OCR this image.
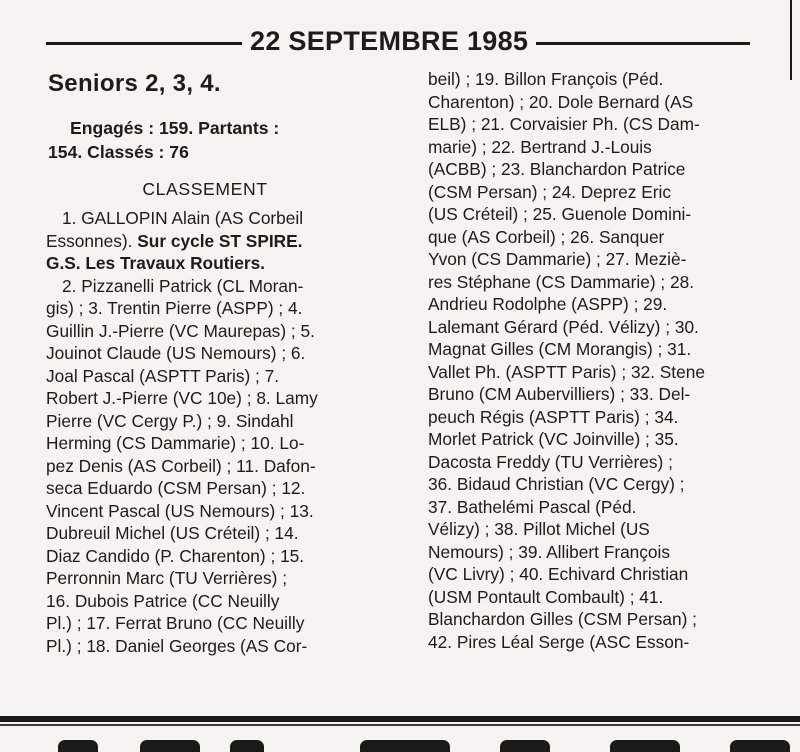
22 SEPTEMBRE 1985
Seniors 2, 3, 4.
Engagés : 159. Partants :
154. Classés : 76
CLASSEMENT
1. GALLOPIN Alain (AS Corbeil
Essonnes). Sur cycle ST SPIRE.
G.S. Les Travaux Routiers.
2. Pizzanelli Patrick (CL Moran-
gis) ; 3. Trentin Pierre (ASPP) ; 4.
Guillin J.-Pierre (VC Maurepas) ; 5.
Jouinot Claude (US Nemours) ; 6.
Joal Pascal (ASPTT Paris) ; 7.
Robert J.-Pierre (VC 10e) ; 8. Lamy
Pierre (VC Cergy P.) ; 9. Sindahl
Herming (CS Dammarie) ; 10. Lo-
pez Denis (AS Corbeil) ; 11. Dafon-
seca Eduardo (CSM Persan) ; 12.
Vincent Pascal (US Nemours) ; 13.
Dubreuil Michel (US Créteil) ; 14.
Diaz Candido (P. Charenton) ; 15.
Perronnin Marc (TU Verrières) ;
16. Dubois Patrice (CC Neuilly
Pl.) ; 17. Ferrat Bruno (CC Neuilly
Pl.) ; 18. Daniel Georges (AS Cor-
beil) ; 19. Billon François (Péd.
Charenton) ; 20. Dole Bernard (AS
ELB) ; 21. Corvaisier Ph. (CS Dam-
marie) ; 22. Bertrand J.-Louis
(ACBB) ; 23. Blanchardon Patrice
(CSM Persan) ; 24. Deprez Eric
(US Créteil) ; 25. Guenole Domini-
que (AS Corbeil) ; 26. Sanquer
Yvon (CS Dammarie) ; 27. Meziè-
res Stéphane (CS Dammarie) ; 28.
Andrieu Rodolphe (ASPP) ; 29.
Lalemant Gérard (Péd. Vélizy) ; 30.
Magnat Gilles (CM Morangis) ; 31.
Vallet Ph. (ASPTT Paris) ; 32. Stene
Bruno (CM Aubervilliers) ; 33. Del-
peuch Régis (ASPTT Paris) ; 34.
Morlet Patrick (VC Joinville) ; 35.
Dacosta Freddy (TU Verrières) ;
36. Bidaud Christian (VC Cergy) ;
37. Bathelémi Pascal (Péd.
Vélizy) ; 38. Pillot Michel (US
Nemours) ; 39. Allibert François
(VC Livry) ; 40. Echivard Christian
(USM Pontault Combault) ; 41.
Blanchardon Gilles (CSM Persan) ;
42. Pires Léal Serge (ASC Esson-
